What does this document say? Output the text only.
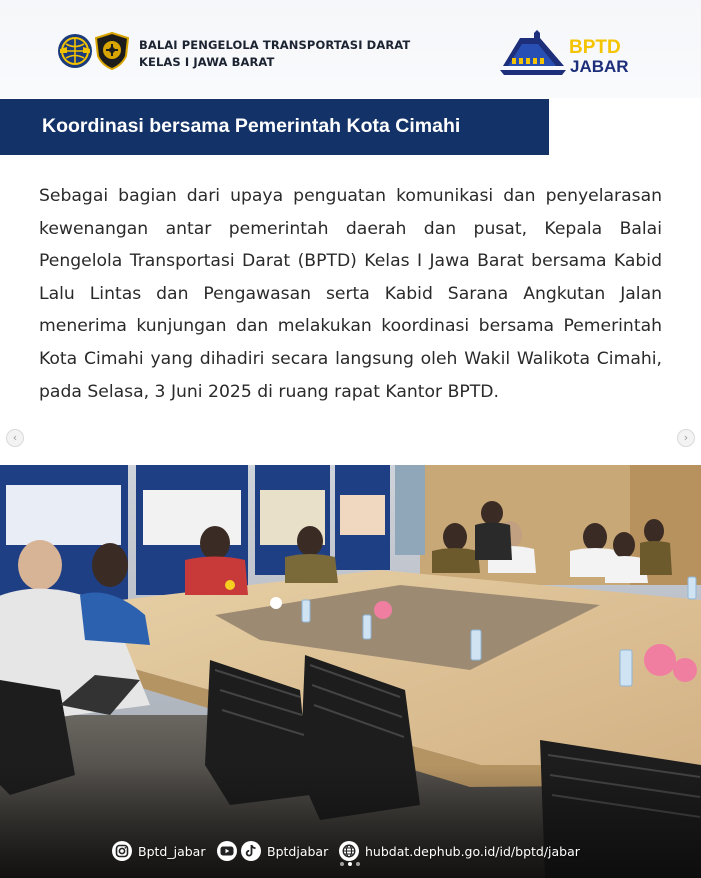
BALAI PENGELOLA TRANSPORTASI DARAT
KELAS I JAWA BARAT
BPTD
JABAR
Koordinasi bersama Pemerintah Kota Cimahi

Sebagai bagian dari upaya penguatan komunikasi dan penyelarasan kewenangan antar pemerintah daerah dan pusat, Kepala Balai Pengelola Transportasi Darat (BPTD) Kelas I Jawa Barat bersama Kabid Lalu Lintas dan Pengawasan serta Kabid Sarana Angkutan Jalan menerima kunjungan dan melakukan koordinasi bersama Pemerintah Kota Cimahi yang dihadiri secara langsung oleh Wakil Walikota Cimahi, pada Selasa, 3 Juni 2025 di ruang rapat Kantor BPTD.

‹	›
Bptd_jabar	Bptdjabar	hubdat.dephub.go.id/id/bptd/jabar
